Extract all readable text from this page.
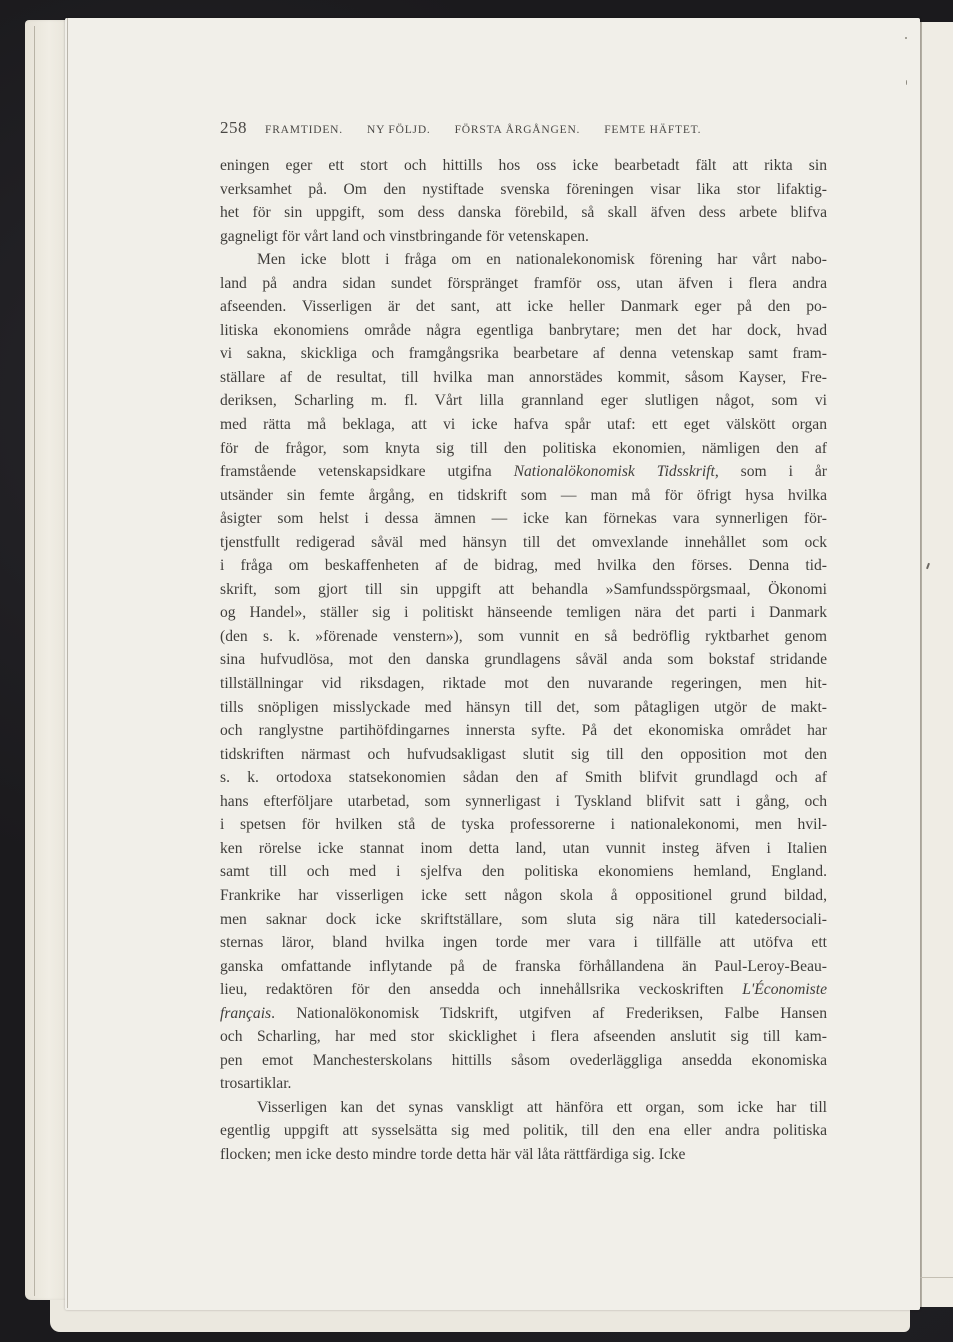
258 FRAMTIDEN. NY FÖLJD. FÖRSTA ÅRGÅNGEN. FEMTE HÄFTET.
eningen eger ett stort och hittills hos oss icke bearbetadt fält att rikta sin
verksamhet på. Om den nystiftade svenska föreningen visar lika stor lifaktig-
het för sin uppgift, som dess danska förebild, så skall äfven dess arbete blifva
gagneligt för vårt land och vinstbringande för vetenskapen.
Men icke blott i fråga om en nationalekonomisk förening har vårt nabo-
land på andra sidan sundet förspränget framför oss, utan äfven i flera andra
afseenden. Visserligen är det sant, att icke heller Danmark eger på den po-
litiska ekonomiens område några egentliga banbrytare; men det har dock, hvad
vi sakna, skickliga och framgångsrika bearbetare af denna vetenskap samt fram-
ställare af de resultat, till hvilka man annorstädes kommit, såsom Kayser, Fre-
deriksen, Scharling m. fl. Vårt lilla grannland eger slutligen något, som vi
med rätta må beklaga, att vi icke hafva spår utaf: ett eget välskött organ
för de frågor, som knyta sig till den politiska ekonomien, nämligen den af
framstående vetenskapsidkare utgifna Nationalökonomisk Tidsskrift, som i år
utsänder sin femte årgång, en tidskrift som — man må för öfrigt hysa hvilka
åsigter som helst i dessa ämnen — icke kan förnekas vara synnerligen för-
tjenstfullt redigerad såväl med hänsyn till det omvexlande innehållet som ock
i fråga om beskaffenheten af de bidrag, med hvilka den förses. Denna tid-
skrift, som gjort till sin uppgift att behandla »Samfundsspörgsmaal, Ökonomi
og Handel», ställer sig i politiskt hänseende temligen nära det parti i Danmark
(den s. k. »förenade venstern»), som vunnit en så bedröflig ryktbarhet genom
sina hufvudlösa, mot den danska grundlagens såväl anda som bokstaf stridande
tillställningar vid riksdagen, riktade mot den nuvarande regeringen, men hit-
tills snöpligen misslyckade med hänsyn till det, som påtagligen utgör de makt-
och ranglystne partihöfdingarnes innersta syfte. På det ekonomiska området har
tidskriften närmast och hufvudsakligast slutit sig till den opposition mot den
s. k. ortodoxa statsekonomien sådan den af Smith blifvit grundlagd och af
hans efterföljare utarbetad, som synnerligast i Tyskland blifvit satt i gång, och
i spetsen för hvilken stå de tyska professorerne i nationalekonomi, men hvil-
ken rörelse icke stannat inom detta land, utan vunnit insteg äfven i Italien
samt till och med i sjelfva den politiska ekonomiens hemland, England.
Frankrike har visserligen icke sett någon skola å oppositionel grund bildad,
men saknar dock icke skriftställare, som sluta sig nära till katedersociali-
sternas läror, bland hvilka ingen torde mer vara i tillfälle att utöfva ett
ganska omfattande inflytande på de franska förhållandena än Paul-Leroy-Beau-
lieu, redaktören för den ansedda och innehållsrika veckoskriften L'Économiste
français. Nationalökonomisk Tidskrift, utgifven af Frederiksen, Falbe Hansen
och Scharling, har med stor skicklighet i flera afseenden anslutit sig till kam-
pen emot Manchesterskolans hittills såsom ovederläggliga ansedda ekonomiska
trosartiklar.
Visserligen kan det synas vanskligt att hänföra ett organ, som icke har till
egentlig uppgift att sysselsätta sig med politik, till den ena eller andra politiska
flocken; men icke desto mindre torde detta här väl låta rättfärdiga sig. Icke
